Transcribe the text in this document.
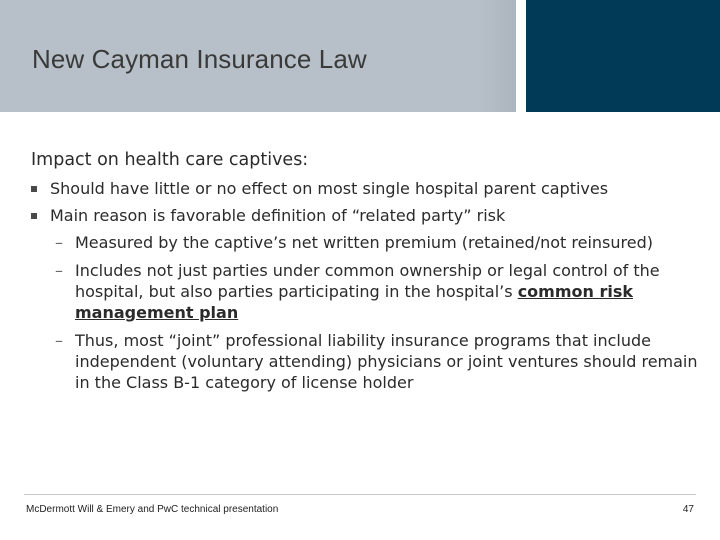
New Cayman Insurance Law
Impact on health care captives:
Should have little or no effect on most single hospital parent captives
Main reason is favorable definition of “related party” risk
– Measured by the captive’s net written premium (retained/not reinsured)
– Includes not just parties under common ownership or legal control of the hospital, but also parties participating in the hospital’s common risk management plan
– Thus, most “joint” professional liability insurance programs that include independent (voluntary attending) physicians or joint ventures should remain in the Class B-1 category of license holder
McDermott Will & Emery and PwC technical presentation	47
